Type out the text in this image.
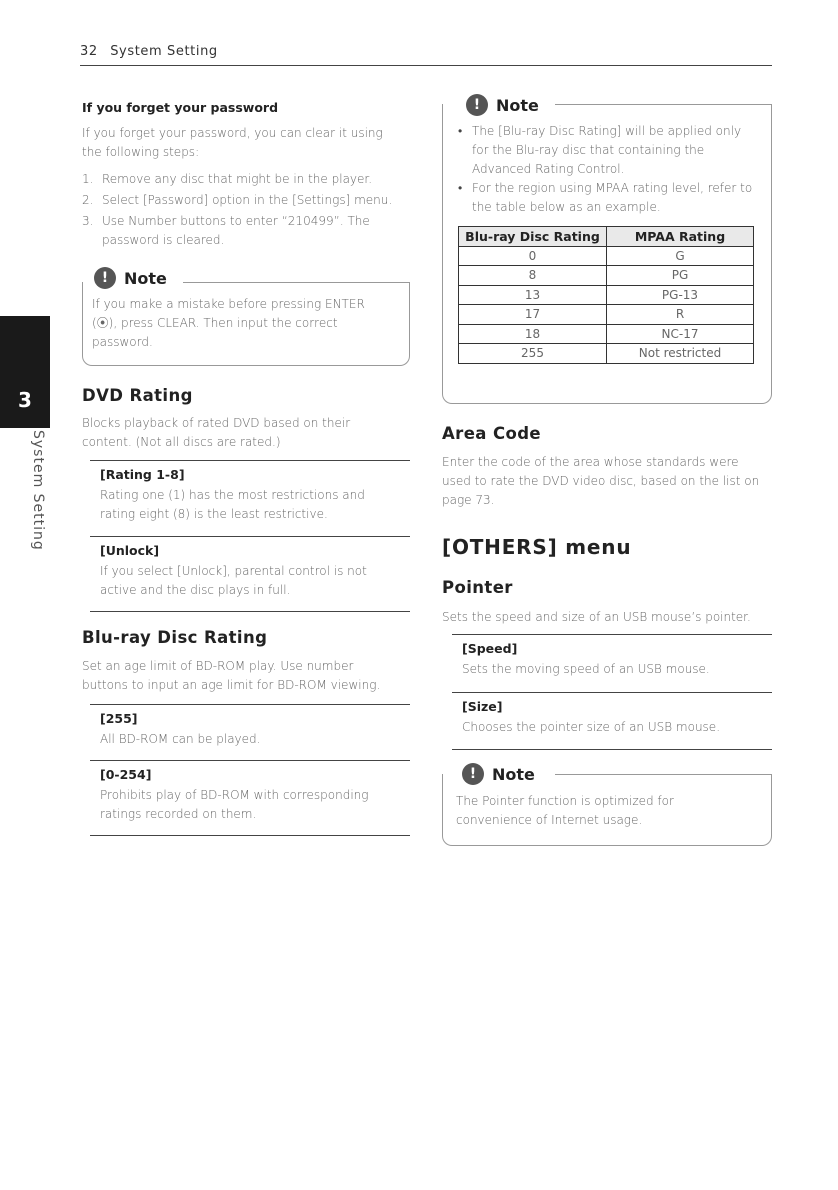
32 System Setting
3
System Setting
If you forget your password

If you forget your password, you can clear it using the following steps:

1. Remove any disc that might be in the player.
2. Select [Password] option in the [Settings] menu.
3. Use Number buttons to enter “210499”. The password is cleared.
! Note

If you make a mistake before pressing ENTER (⦿), press CLEAR. Then input the correct password.

DVD Rating

Blocks playback of rated DVD based on their content. (Not all discs are rated.)

[Rating 1-8]

Rating one (1) has the most restrictions and rating eight (8) is the least restrictive.

[Unlock]

If you select [Unlock], parental control is not active and the disc plays in full.

Blu-ray Disc Rating

Set an age limit of BD-ROM play. Use number buttons to input an age limit for BD-ROM viewing.

[255]

All BD-ROM can be played.

[0-254]

Prohibits play of BD-ROM with corresponding ratings recorded on them.

! Note
• The [Blu-ray Disc Rating] will be applied only for the Blu-ray disc that containing the Advanced Rating Control.
• For the region using MPAA rating level, refer to the table below as an example.
Blu-ray Disc Rating	MPAA Rating
0	G
8	PG
13	PG-13
17	R
18	NC-17
255	Not restricted
Area Code

Enter the code of the area whose standards were used to rate the DVD video disc, based on the list on page 73.

[OTHERS] menu
Pointer

Sets the speed and size of an USB mouse’s pointer.

[Speed]

Sets the moving speed of an USB mouse.

[Size]

Chooses the pointer size of an USB mouse.

! Note

The Pointer function is optimized for convenience of Internet usage.
